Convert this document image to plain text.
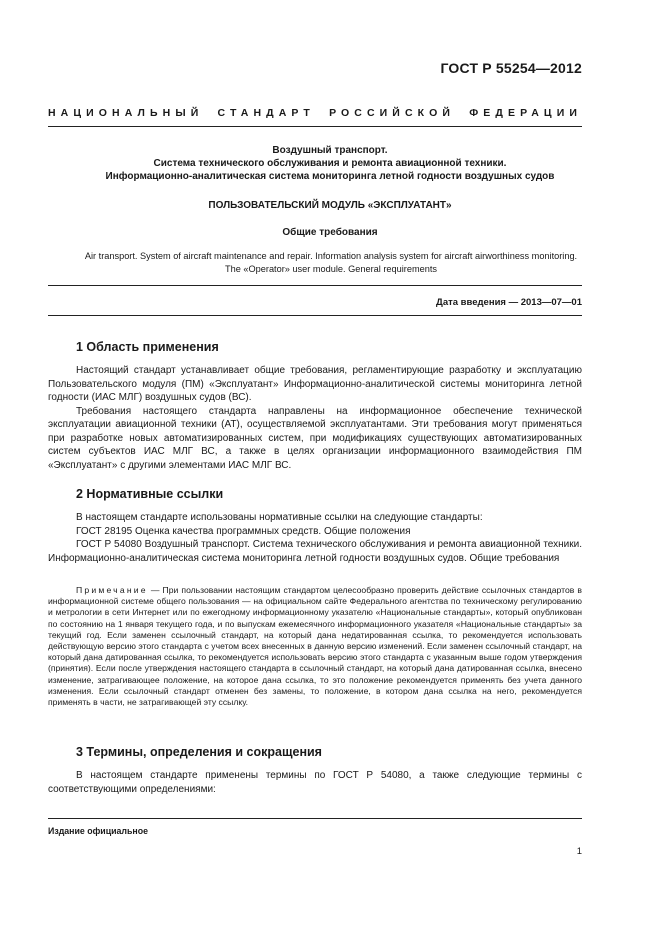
ГОСТ Р 55254—2012
НАЦИОНАЛЬНЫЙ СТАНДАРТ РОССИЙСКОЙ ФЕДЕРАЦИИ
Воздушный транспорт.
Система технического обслуживания и ремонта авиационной техники.
Информационно-аналитическая система мониторинга летной годности воздушных судов
ПОЛЬЗОВАТЕЛЬСКИЙ МОДУЛЬ «ЭКСПЛУАТАНТ»
Общие требования
Air transport. System of aircraft maintenance and repair. Information analysis system for aircraft airworthiness monitoring.
The «Operator» user module. General requirements
Дата введения — 2013—07—01
1 Область применения

Настоящий стандарт устанавливает общие требования, регламентирующие разработку и эксплуатацию Пользовательского модуля (ПМ) «Эксплуатант» Информационно-аналитической системы мониторинга летной годности (ИАС МЛГ) воздушных судов (ВС).

Требования настоящего стандарта направлены на информационное обеспечение технической эксплуатации авиационной техники (АТ), осуществляемой эксплуатантами. Эти требования могут применяться при разработке новых автоматизированных систем, при модификациях существующих автоматизированных систем субъектов ИАС МЛГ ВС, а также в целях организации информационного взаимодействия ПМ «Эксплуатант» с другими элементами ИАС МЛГ ВС.

2 Нормативные ссылки

В настоящем стандарте использованы нормативные ссылки на следующие стандарты:

ГОСТ 28195 Оценка качества программных средств. Общие положения

ГОСТ Р 54080 Воздушный транспорт. Система технического обслуживания и ремонта авиационной техники. Информационно-аналитическая система мониторинга летной годности воздушных судов. Общие требования

Примечание — При пользовании настоящим стандартом целесообразно проверить действие ссылочных стандартов в информационной системе общего пользования — на официальном сайте Федерального агентства по техническому регулированию и метрологии в сети Интернет или по ежегодному информационному указателю «Национальные стандарты», который опубликован по состоянию на 1 января текущего года, и по выпускам ежемесячного информационного указателя «Национальные стандарты» за текущий год. Если заменен ссылочный стандарт, на который дана недатированная ссылка, то рекомендуется использовать действующую версию этого стандарта с учетом всех внесенных в данную версию изменений. Если заменен ссылочный стандарт, на который дана датированная ссылка, то рекомендуется использовать версию этого стандарта с указанным выше годом утверждения (принятия). Если после утверждения настоящего стандарта в ссылочный стандарт, на который дана датированная ссылка, внесено изменение, затрагивающее положение, на которое дана ссылка, то это положение рекомендуется применять без учета данного изменения. Если ссылочный стандарт отменен без замены, то положение, в котором дана ссылка на него, рекомендуется применять в части, не затрагивающей эту ссылку.
3 Термины, определения и сокращения

В настоящем стандарте применены термины по ГОСТ Р 54080, а также следующие термины с соответствующими определениями:

Издание официальное
1
